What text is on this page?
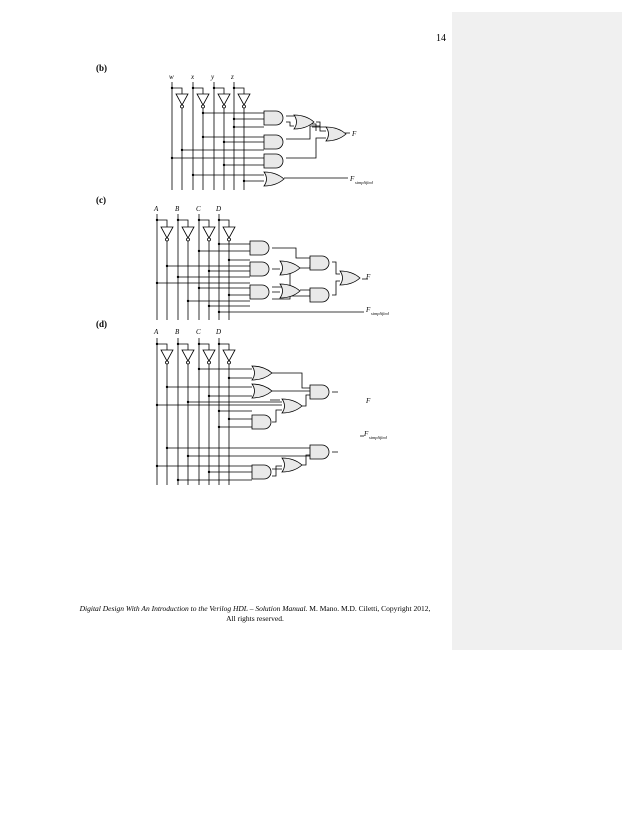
14
(b)
(c)
(d)
w x y z
F
F simplified
A B C D
F
F simplified
A B C D
F
F simplified
Digital Design With An Introduction to the Verilog HDL – Solution Manual. M. Mano. M.D. Ciletti, Copyright 2012,
All rights reserved.
